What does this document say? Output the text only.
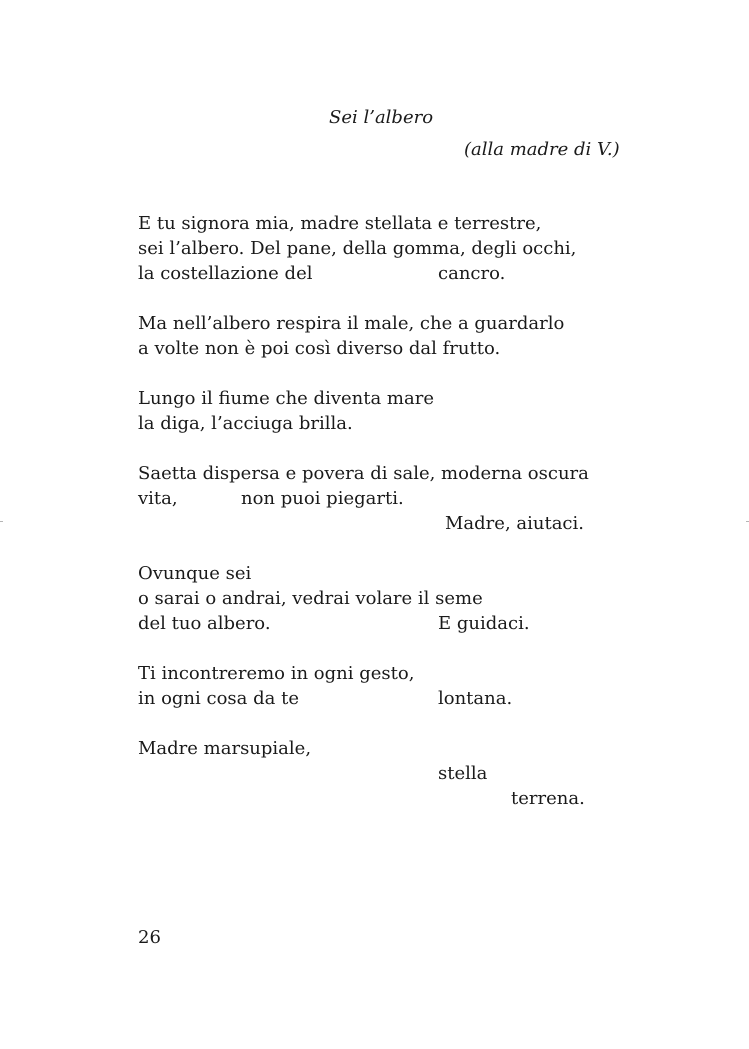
Sei l’albero
(alla madre di V.)
E tu signora mia, madre stellata e terrestre,
sei l’albero. Del pane, della gomma, degli occhi,
la costellazione del	cancro.
Ma nell’albero respira il male, che a guardarlo
a volte non è poi così diverso dal frutto.
Lungo il fiume che diventa mare
la diga, l’acciuga brilla.
Saetta dispersa e povera di sale, moderna oscura
vita,	non puoi piegarti.
Madre, aiutaci.
Ovunque sei
o sarai o andrai, vedrai volare il seme
del tuo albero.	E guidaci.
Ti incontreremo in ogni gesto,
in ogni cosa da te	lontana.
Madre marsupiale,
stella
terrena.
26
